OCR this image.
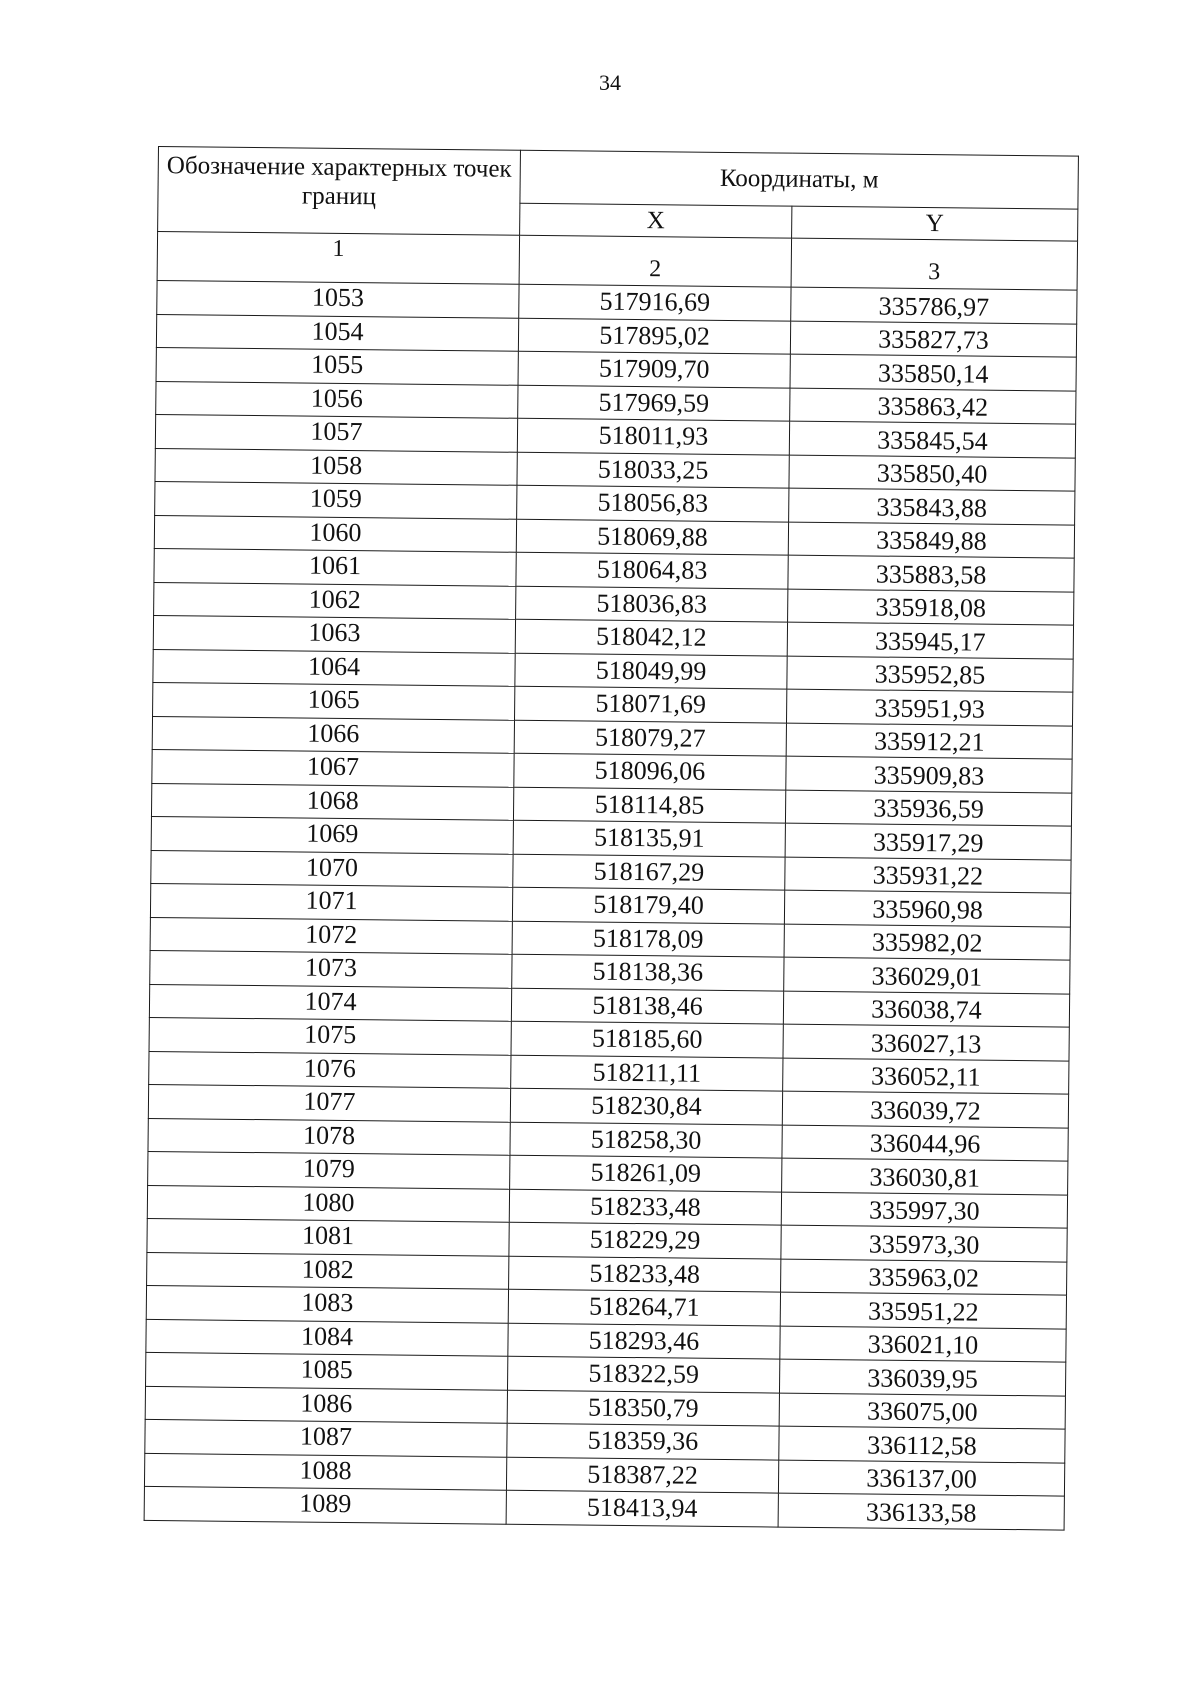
34
Обозначение характерных точек границ	Координаты, м	
	X	Y
1	2	3
1053	517916,69	335786,97
1054	517895,02	335827,73
1055	517909,70	335850,14
1056	517969,59	335863,42
1057	518011,93	335845,54
1058	518033,25	335850,40
1059	518056,83	335843,88
1060	518069,88	335849,88
1061	518064,83	335883,58
1062	518036,83	335918,08
1063	518042,12	335945,17
1064	518049,99	335952,85
1065	518071,69	335951,93
1066	518079,27	335912,21
1067	518096,06	335909,83
1068	518114,85	335936,59
1069	518135,91	335917,29
1070	518167,29	335931,22
1071	518179,40	335960,98
1072	518178,09	335982,02
1073	518138,36	336029,01
1074	518138,46	336038,74
1075	518185,60	336027,13
1076	518211,11	336052,11
1077	518230,84	336039,72
1078	518258,30	336044,96
1079	518261,09	336030,81
1080	518233,48	335997,30
1081	518229,29	335973,30
1082	518233,48	335963,02
1083	518264,71	335951,22
1084	518293,46	336021,10
1085	518322,59	336039,95
1086	518350,79	336075,00
1087	518359,36	336112,58
1088	518387,22	336137,00
1089	518413,94	336133,58
